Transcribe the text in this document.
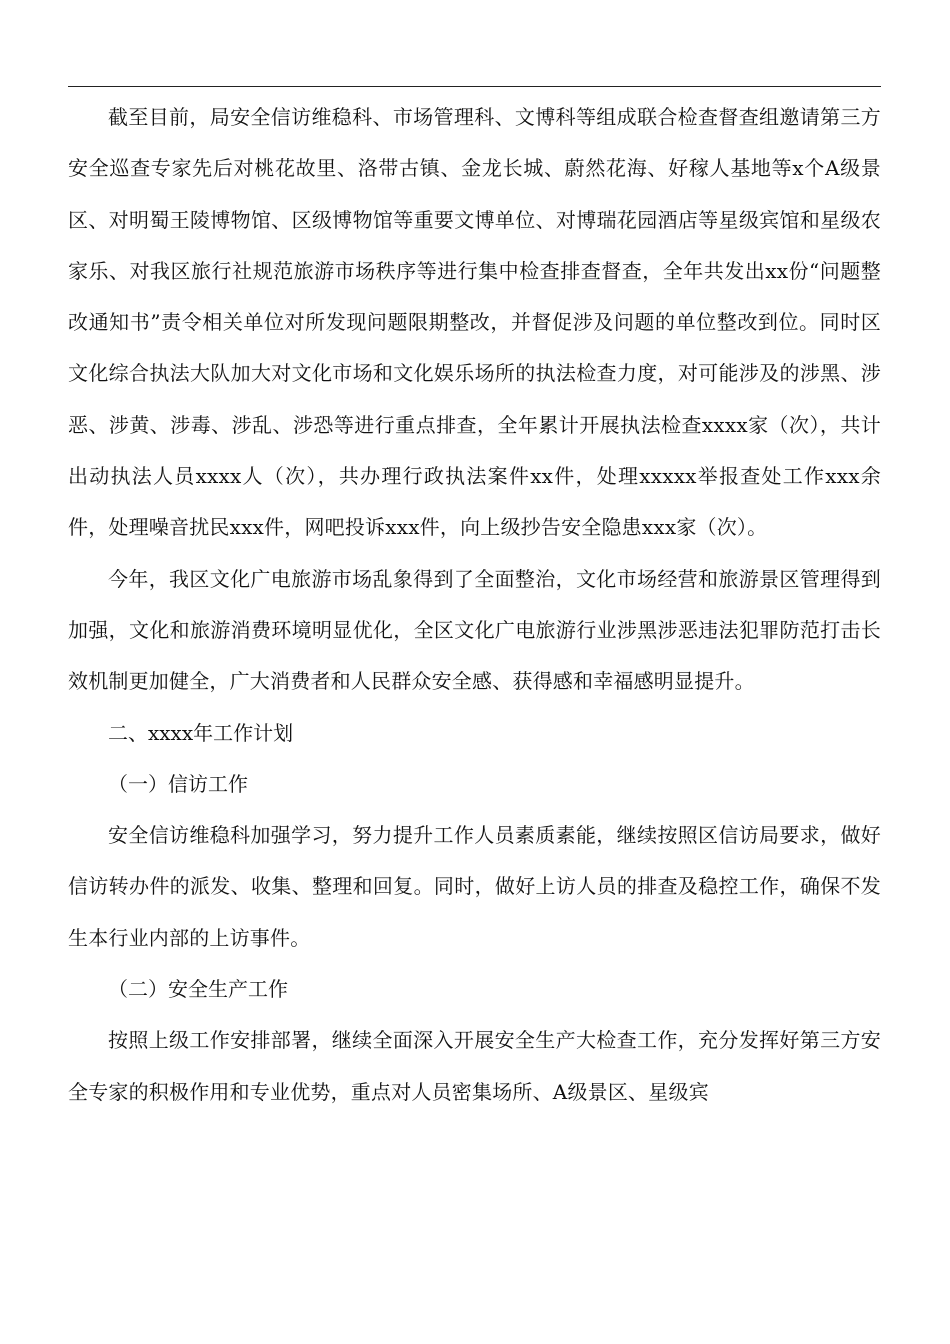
截至目前，局安全信访维稳科、市场管理科、文博科等组成联合检查督查组邀请第三方安全巡查专家先后对桃花故里、洛带古镇、金龙长城、蔚然花海、好稼人基地等x个A级景区、对明蜀王陵博物馆、区级博物馆等重要文博单位、对博瑞花园酒店等星级宾馆和星级农家乐、对我区旅行社规范旅游市场秩序等进行集中检查排查督查，全年共发出xx份“问题整改通知书”责令相关单位对所发现问题限期整改，并督促涉及问题的单位整改到位。同时区文化综合执法大队加大对文化市场和文化娱乐场所的执法检查力度，对可能涉及的涉黑、涉恶、涉黄、涉毒、涉乱、涉恐等进行重点排查，全年累计开展执法检查xxxx家（次），共计出动执法人员xxxx人（次），共办理行政执法案件xx件，处理xxxxx举报查处工作xxx余件，处理噪音扰民xxx件，网吧投诉xxx件，向上级抄告安全隐患xxx家（次）。

今年，我区文化广电旅游市场乱象得到了全面整治，文化市场经营和旅游景区管理得到加强，文化和旅游消费环境明显优化，全区文化广电旅游行业涉黑涉恶违法犯罪防范打击长效机制更加健全，广大消费者和人民群众安全感、获得感和幸福感明显提升。

二、xxxx年工作计划

（一）信访工作

安全信访维稳科加强学习，努力提升工作人员素质素能，继续按照区信访局要求，做好信访转办件的派发、收集、整理和回复。同时，做好上访人员的排查及稳控工作，确保不发生本行业内部的上访事件。

（二）安全生产工作

按照上级工作安排部署，继续全面深入开展安全生产大检查工作，充分发挥好第三方安全专家的积极作用和专业优势，重点对人员密集场所、A级景区、星级宾
